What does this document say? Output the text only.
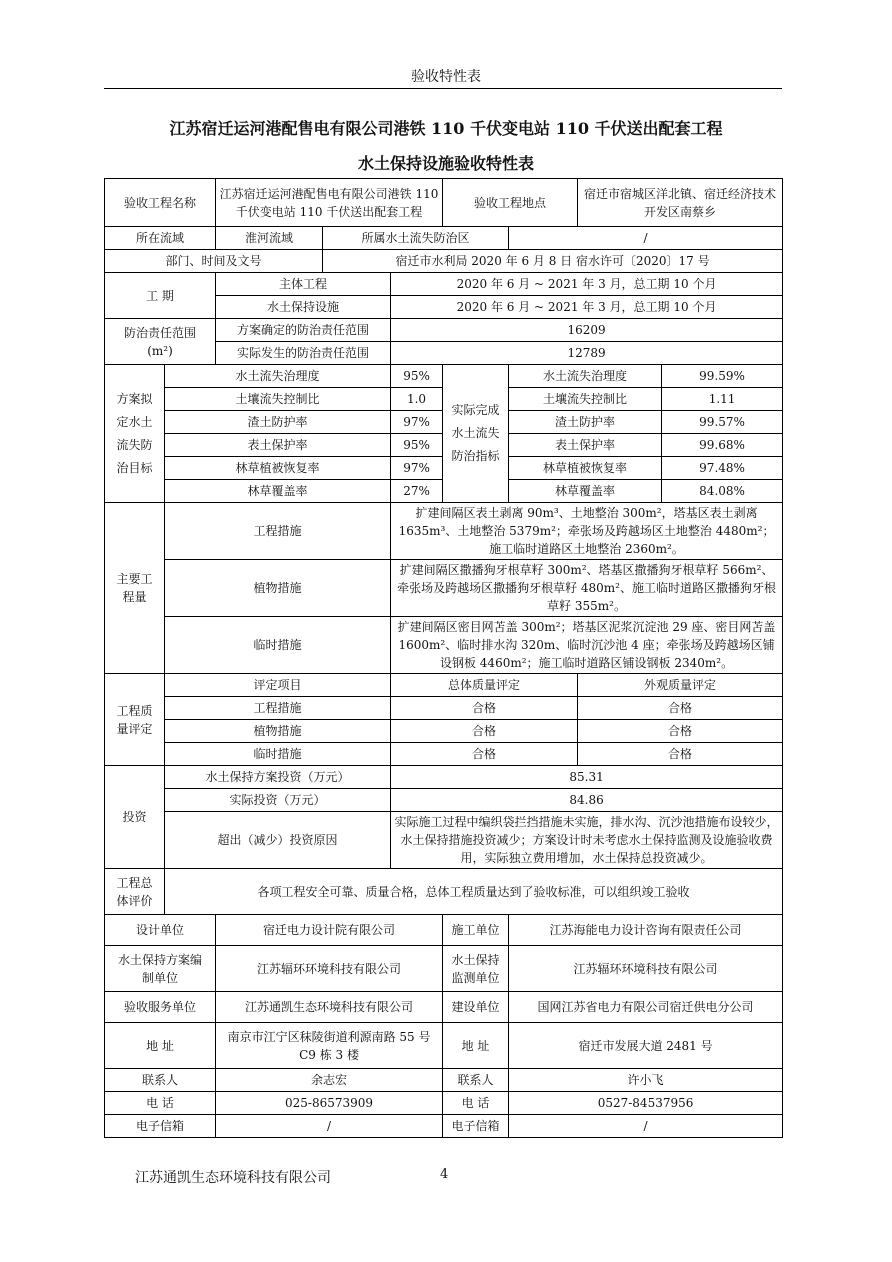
验收特性表
江苏宿迁运河港配售电有限公司港铁 110 千伏变电站 110 千伏送出配套工程
水土保持设施验收特性表
验收工程名称		江苏宿迁运河港配售电有限公司港铁 110 千伏变电站 110 千伏送出配套工程			验收工程地点		宿迁市宿城区洋北镇、宿迁经济技术开发区南蔡乡	
所在流域		淮河流域	所属水土流失防治区			/		
部门、时间及文号			宿迁市水利局 2020 年 6 月 8 日 宿水许可〔2020〕17 号					
工 期		主体工程		2020 年 6 月 ~ 2021 年 3 月，总工期 10 个月				
		水土保持设施		2020 年 6 月 ~ 2021 年 3 月，总工期 10 个月				
防治责任范围
(m²)		方案确定的防治责任范围		16209				
		实际发生的防治责任范围		12789				
方案拟定水土流失防治目标	水土流失治理度			95%	实际完成水土流失防治指标	水土流失治理度		99.59%
	土壤流失控制比			1.0		土壤流失控制比		1.11
	渣土防护率			97%		渣土防护率		99.57%
	表土保护率			95%		表土保护率		99.68%
	林草植被恢复率			97%		林草植被恢复率		97.48%
	林草覆盖率			27%		林草覆盖率		84.08%
主要工程量	工程措施			扩建间隔区表土剥离 90m³、土地整治 300m²，塔基区表土剥离 1635m³、土地整治 5379m²；牵张场及跨越场区土地整治 4480m²；施工临时道路区土地整治 2360m²。				
	植物措施			扩建间隔区撒播狗牙根草籽 300m²、塔基区撒播狗牙根草籽 566m²、牵张场及跨越场区撒播狗牙根草籽 480m²、施工临时道路区撒播狗牙根草籽 355m²。				
	临时措施			扩建间隔区密目网苫盖 300m²；塔基区泥浆沉淀池 29 座、密目网苫盖 1600m²、临时排水沟 320m、临时沉沙池 4 座；牵张场及跨越场区铺设钢板 4460m²；施工临时道路区铺设钢板 2340m²。				
工程质量评定	评定项目			总体质量评定			外观质量评定	
	工程措施			合格			合格	
	植物措施			合格			合格	
	临时措施			合格			合格	
投资	水土保持方案投资（万元）			85.31				
	实际投资（万元）			84.86				
	超出（减少）投资原因			实际施工过程中编织袋拦挡措施未实施，排水沟、沉沙池措施布设较少，水土保持措施投资减少；方案设计时未考虑水土保持监测及设施验收费用，实际独立费用增加，水土保持总投资减少。				
工程总体评价	各项工程安全可靠、质量合格，总体工程质量达到了验收标准，可以组织竣工验收							
设计单位		宿迁电力设计院有限公司			施工单位	江苏海能电力设计咨询有限责任公司		
水土保持方案编制单位		江苏辐环环境科技有限公司			水土保持监测单位	江苏辐环环境科技有限公司		
验收服务单位		江苏通凯生态环境科技有限公司			建设单位	国网江苏省电力有限公司宿迁供电分公司		
地 址		南京市江宁区秣陵街道利源南路 55 号 C9 栋 3 楼			地 址	宿迁市发展大道 2481 号		
联系人		余志宏			联系人	许小飞		
电 话		025-86573909			电 话	0527-84537956		
电子信箱		/			电子信箱	/		
江苏通凯生态环境科技有限公司	4
